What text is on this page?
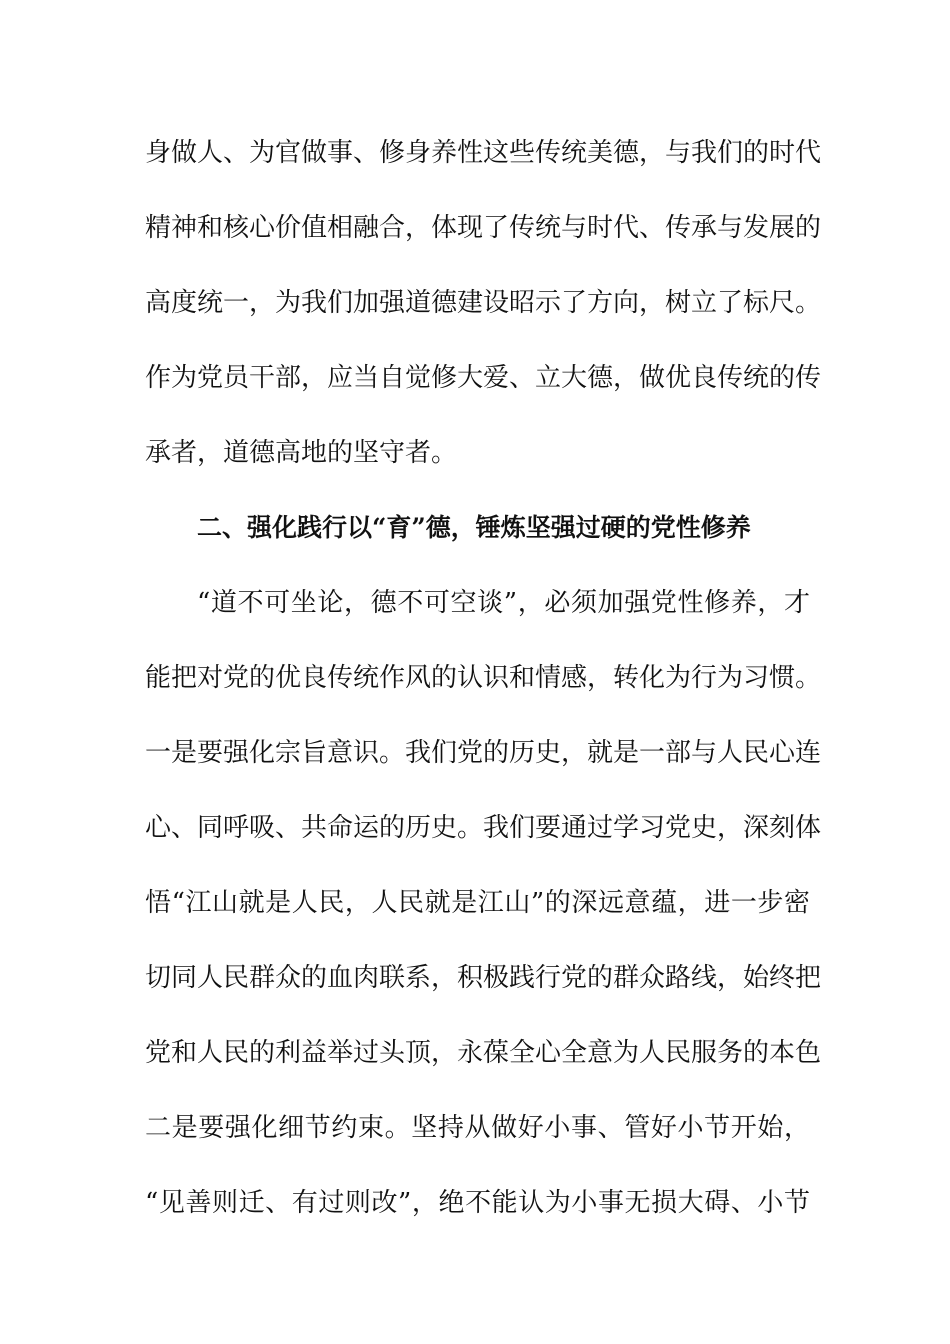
身做人、为官做事、修身养性这些传统美德，与我们的时代
精神和核心价值相融合，体现了传统与时代、传承与发展的
高度统一，为我们加强道德建设昭示了方向，树立了标尺。
作为党员干部，应当自觉修大爱、立大德，做优良传统的传
承者，道德高地的坚守者。
二、强化践行以“育”德，锤炼坚强过硬的党性修养
“道不可坐论，德不可空谈”，必须加强党性修养，才
能把对党的优良传统作风的认识和情感，转化为行为习惯。
一是要强化宗旨意识。我们党的历史，就是一部与人民心连
心、同呼吸、共命运的历史。我们要通过学习党史，深刻体
悟“江山就是人民，人民就是江山”的深远意蕴，进一步密
切同人民群众的血肉联系，积极践行党的群众路线，始终把
党和人民的利益举过头顶，永葆全心全意为人民服务的本色
二是要强化细节约束。坚持从做好小事、管好小节开始，
“见善则迁、有过则改”，绝不能认为小事无损大碍、小节
